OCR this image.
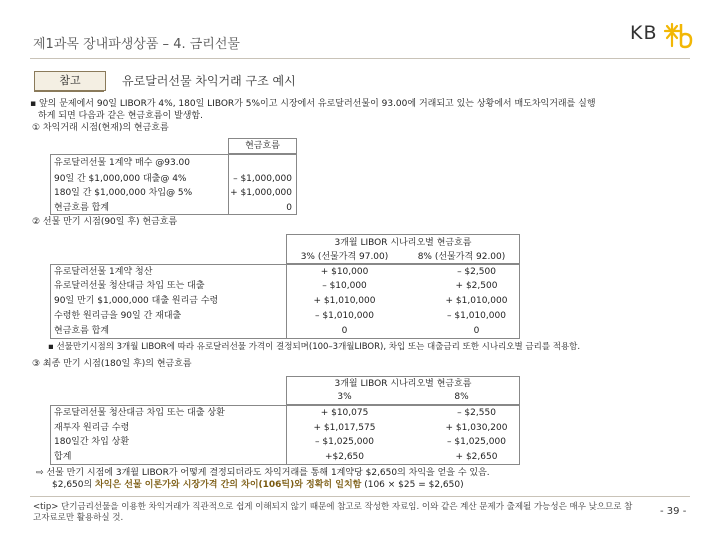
제1과목 장내파생상품 – 4. 금리선물
KB
참고	유로달러선물 차익거래 구조 예시
▪ 앞의 문제에서 90일 LIBOR가 4%, 180일 LIBOR가 5%이고 시장에서 유로달러선물이 93.00에 거래되고 있는 상황에서 매도차익거래를 실행
하게 되면 다음과 같은 현금흐름이 발생함.
① 차익거래 시점(현재)의 현금흐름
현금흐름
유로달러선물 1계약 매수 @93.00
90일 간 $1,000,000 대출@ 4%	– $1,000,000
180일 간 $1,000,000 차입@ 5%	+ $1,000,000
현금흐름 합계	0
② 선물 만기 시점(90일 후) 현금흐름
3개월 LIBOR 시나리오별 현금흐름
3% (선물가격 97.00)	8% (선물가격 92.00)
유로달러선물 1계약 청산	+ $10,000	– $2,500
유로달러선물 청산대금 차입 또는 대출	– $10,000	+ $2,500
90일 만기 $1,000,000 대출 원리금 수령	+ $1,010,000	+ $1,010,000
수령한 원리금을 90일 간 재대출	– $1,010,000	– $1,010,000
현금흐름 합계	0	0
▪ 선물만기시점의 3개월 LIBOR에 따라 유로달러선물 가격이 결정되며(100–3개월LIBOR), 차입 또는 대출금리 또한 시나리오별 금리를 적용함.
③ 최종 만기 시점(180일 후)의 현금흐름
3개월 LIBOR 시나리오별 현금흐름
3%	8%
유로달러선물 청산대금 차입 또는 대출 상환	+ $10,075	– $2,550
재투자 원리금 수령	+ $1,017,575	+ $1,030,200
180일간 차입 상환	– $1,025,000	– $1,025,000
합계	+$2,650	+ $2,650
⇨ 선물 만기 시점에 3개월 LIBOR가 어떻게 결정되더라도 차익거래를 통해 1계약당 $2,650의 차익을 얻을 수 있음.
$2,650의 차익은 선물 이론가와 시장가격 간의 차이(106틱)와 정확히 일치함 (106 × $25 = $2,650)
<tip> 단기금리선물을 이용한 차익거래가 직관적으로 쉽게 이해되지 않기 때문에 참고로 작성한 자료임. 이와 같은 계산 문제가 출제될 가능성은 매우 낮으므로 참고자료로만 활용하실 것.
- 39 -
